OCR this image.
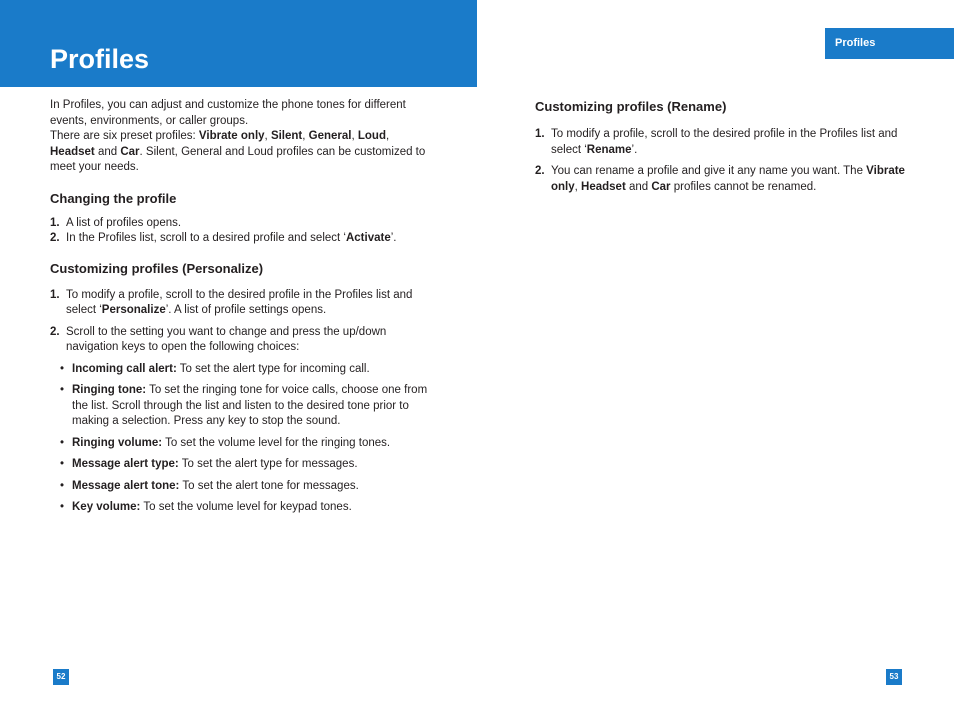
Profiles
Profiles

In Profiles, you can adjust and customize the phone tones for different events, environments, or caller groups.
There are six preset profiles: Vibrate only, Silent, General, Loud, Headset and Car. Silent, General and Loud profiles can be customized to meet your needs.

Changing the profile
1. A list of profiles opens.
2. In the Profiles list, scroll to a desired profile and select ‘Activate’.
Customizing profiles (Personalize)
1. To modify a profile, scroll to the desired profile in the Profiles list and select ‘Personalize’. A list of profile settings opens.
2. Scroll to the setting you want to change and press the up/down navigation keys to open the following choices:
• Incoming call alert: To set the alert type for incoming call.
• Ringing tone: To set the ringing tone for voice calls, choose one from the list. Scroll through the list and listen to the desired tone prior to making a selection. Press any key to stop the sound.
• Ringing volume: To set the volume level for the ringing tones.
• Message alert type: To set the alert type for messages.
• Message alert tone: To set the alert tone for messages.
• Key volume: To set the volume level for keypad tones.
Customizing profiles (Rename)
1. To modify a profile, scroll to the desired profile in the Profiles list and select ‘Rename’.
2. You can rename a profile and give it any name you want. The Vibrate only, Headset and Car profiles cannot be renamed.
52	53
